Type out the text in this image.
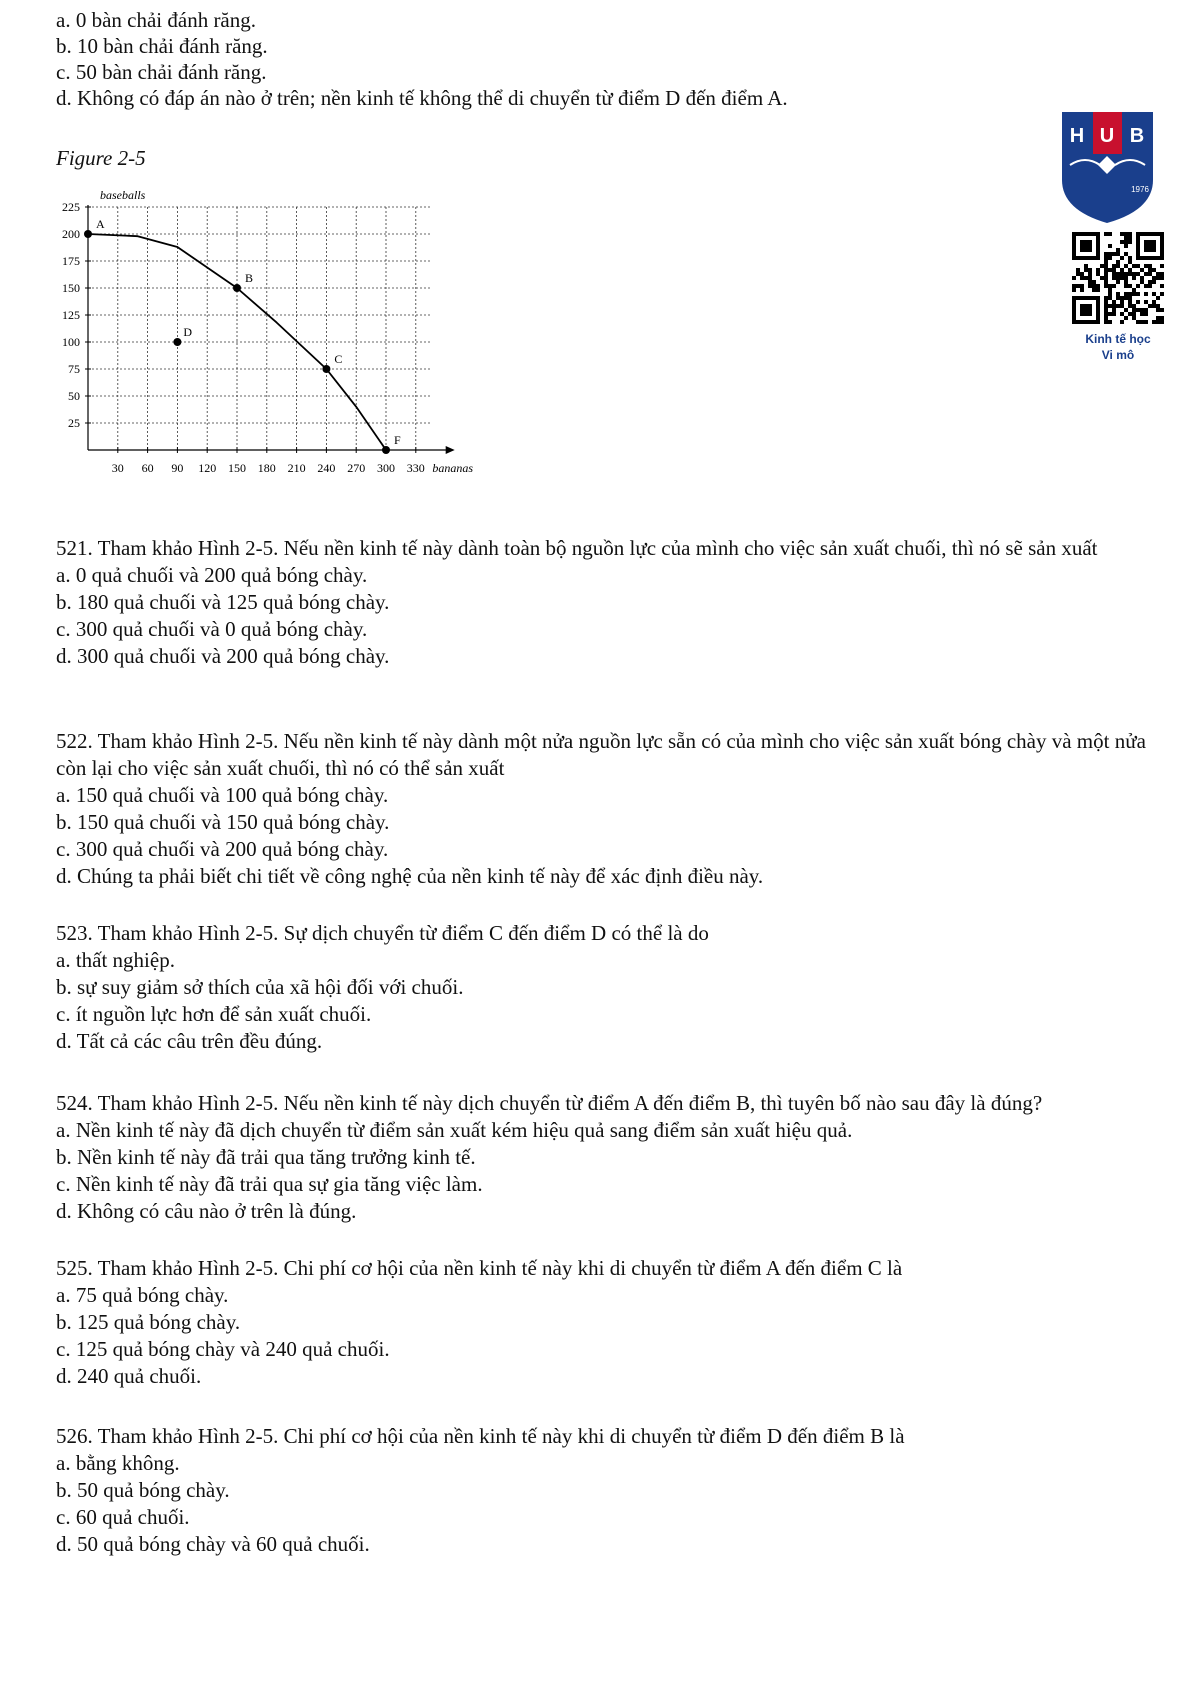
a. 0 bàn chải đánh răng.
b. 10 bàn chải đánh răng.
c. 50 bàn chải đánh răng.
d. Không có đáp án nào ở trên; nền kinh tế không thể di chuyển từ điểm D đến điểm A.
Figure 2-5
H U B
1976
Kinh tế học
Vi mô
30 60 90 120 150 180 210 240 270 300 330
25
50
75
100
125
150
175
200
225
baseballs
bananas
A
B
C
D
F
521. Tham khảo Hình 2-5. Nếu nền kinh tế này dành toàn bộ nguồn lực của mình cho việc sản xuất chuối, thì nó sẽ sản xuất
a. 0 quả chuối và 200 quả bóng chày.
b. 180 quả chuối và 125 quả bóng chày.
c. 300 quả chuối và 0 quả bóng chày.
d. 300 quả chuối và 200 quả bóng chày.
522. Tham khảo Hình 2-5. Nếu nền kinh tế này dành một nửa nguồn lực sẵn có của mình cho việc sản xuất bóng chày và một nửa còn lại cho việc sản xuất chuối, thì nó có thể sản xuất
a. 150 quả chuối và 100 quả bóng chày.
b. 150 quả chuối và 150 quả bóng chày.
c. 300 quả chuối và 200 quả bóng chày.
d. Chúng ta phải biết chi tiết về công nghệ của nền kinh tế này để xác định điều này.
523. Tham khảo Hình 2-5. Sự dịch chuyển từ điểm C đến điểm D có thể là do
a. thất nghiệp.
b. sự suy giảm sở thích của xã hội đối với chuối.
c. ít nguồn lực hơn để sản xuất chuối.
d. Tất cả các câu trên đều đúng.
524. Tham khảo Hình 2-5. Nếu nền kinh tế này dịch chuyển từ điểm A đến điểm B, thì tuyên bố nào sau đây là đúng?
a. Nền kinh tế này đã dịch chuyển từ điểm sản xuất kém hiệu quả sang điểm sản xuất hiệu quả.
b. Nền kinh tế này đã trải qua tăng trưởng kinh tế.
c. Nền kinh tế này đã trải qua sự gia tăng việc làm.
d. Không có câu nào ở trên là đúng.
525. Tham khảo Hình 2-5. Chi phí cơ hội của nền kinh tế này khi di chuyển từ điểm A đến điểm C là
a. 75 quả bóng chày.
b. 125 quả bóng chày.
c. 125 quả bóng chày và 240 quả chuối.
d. 240 quả chuối.
526. Tham khảo Hình 2-5. Chi phí cơ hội của nền kinh tế này khi di chuyển từ điểm D đến điểm B là
a. bằng không.
b. 50 quả bóng chày.
c. 60 quả chuối.
d. 50 quả bóng chày và 60 quả chuối.
